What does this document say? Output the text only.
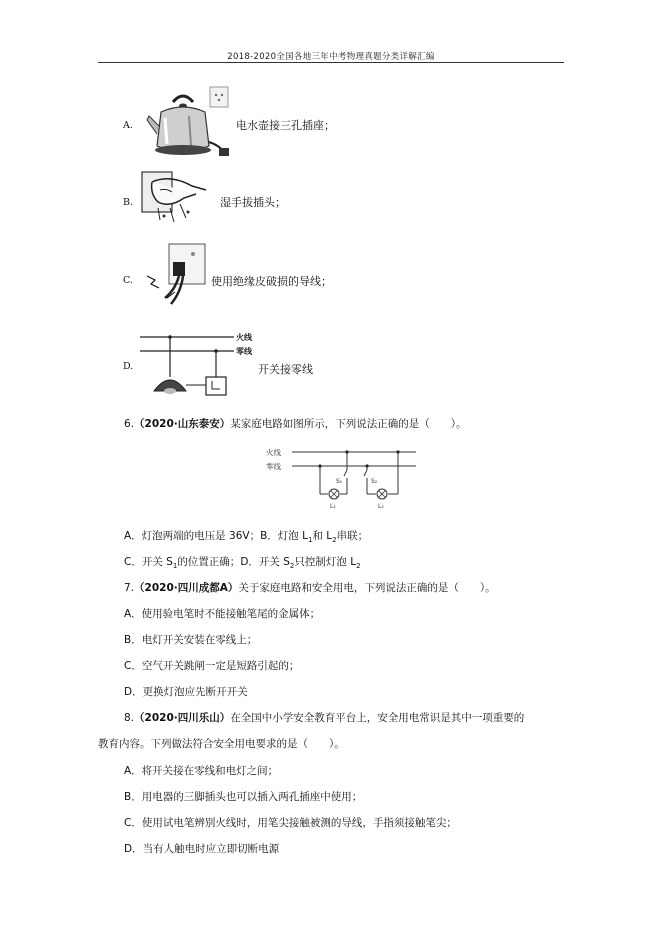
2018-2020全国各地三年中考物理真题分类详解汇编
A.	电水壶接三孔插座；
B.	湿手拔插头；
C.	使用绝缘皮破损的导线；
D.
火线
零线
开关接零线
6.（2020·山东泰安）某家庭电路如图所示，下列说法正确的是（　　）。
火线
零线
S₁
L₁
S₂
L₂
A．灯泡两端的电压是 36V；B．灯泡 $L_1$和 $L_2$串联；
C．开关 $S_1$的位置正确；D．开关 $S_2$只控制灯泡 $L_2$
7.（2020·四川成都A）关于家庭电路和安全用电，下列说法正确的是（　　）。
A．使用验电笔时不能接触笔尾的金属体；
B．电灯开关安装在零线上；
C．空气开关跳闸一定是短路引起的；
D．更换灯泡应先断开开关
8.（2020·四川乐山）在全国中小学安全教育平台上，安全用电常识是其中一项重要的
教育内容。下列做法符合安全用电要求的是（　　）。
A．将开关接在零线和电灯之间；
B．用电器的三脚插头也可以插入两孔插座中使用；
C．使用试电笔辨别火线时，用笔尖接触被测的导线，手指须接触笔尖；
D．当有人触电时应立即切断电源
